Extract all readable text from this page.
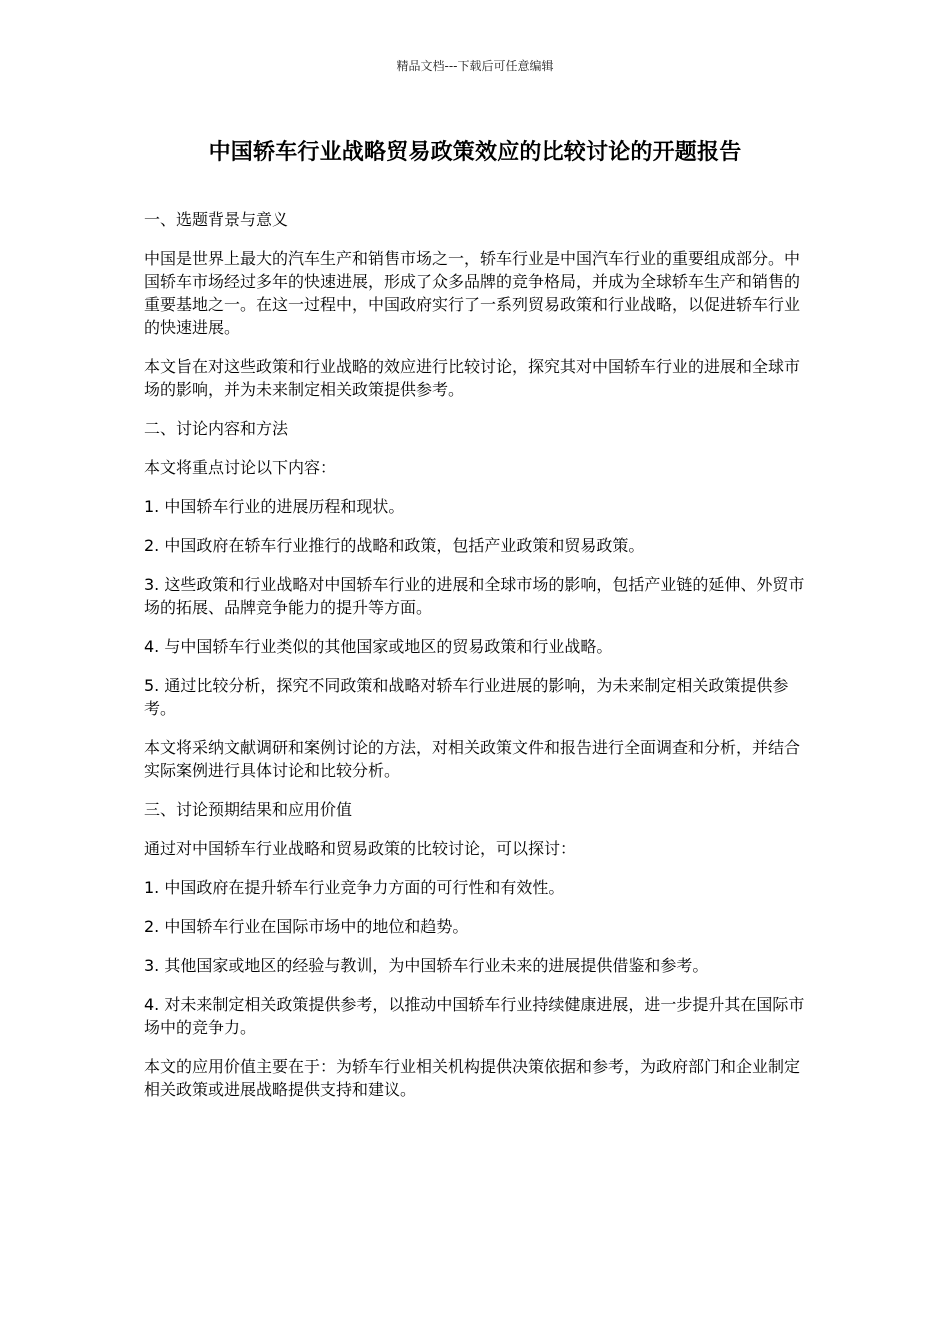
精品文档---下载后可任意编辑
中国轿车行业战略贸易政策效应的比较讨论的开题报告
一、选题背景与意义
中国是世界上最大的汽车生产和销售市场之一，轿车行业是中国汽车行业的重要组成部分。中国轿车市场经过多年的快速进展，形成了众多品牌的竞争格局，并成为全球轿车生产和销售的重要基地之一。在这一过程中，中国政府实行了一系列贸易政策和行业战略，以促进轿车行业的快速进展。
本文旨在对这些政策和行业战略的效应进行比较讨论，探究其对中国轿车行业的进展和全球市场的影响，并为未来制定相关政策提供参考。
二、讨论内容和方法
本文将重点讨论以下内容：
1. 中国轿车行业的进展历程和现状。
2. 中国政府在轿车行业推行的战略和政策，包括产业政策和贸易政策。
3. 这些政策和行业战略对中国轿车行业的进展和全球市场的影响，包括产业链的延伸、外贸市场的拓展、品牌竞争能力的提升等方面。
4. 与中国轿车行业类似的其他国家或地区的贸易政策和行业战略。
5. 通过比较分析，探究不同政策和战略对轿车行业进展的影响，为未来制定相关政策提供参考。
本文将采纳文献调研和案例讨论的方法，对相关政策文件和报告进行全面调查和分析，并结合实际案例进行具体讨论和比较分析。
三、讨论预期结果和应用价值
通过对中国轿车行业战略和贸易政策的比较讨论，可以探讨：
1. 中国政府在提升轿车行业竞争力方面的可行性和有效性。
2. 中国轿车行业在国际市场中的地位和趋势。
3. 其他国家或地区的经验与教训，为中国轿车行业未来的进展提供借鉴和参考。
4. 对未来制定相关政策提供参考，以推动中国轿车行业持续健康进展，进一步提升其在国际市场中的竞争力。
本文的应用价值主要在于：为轿车行业相关机构提供决策依据和参考，为政府部门和企业制定相关政策或进展战略提供支持和建议。
